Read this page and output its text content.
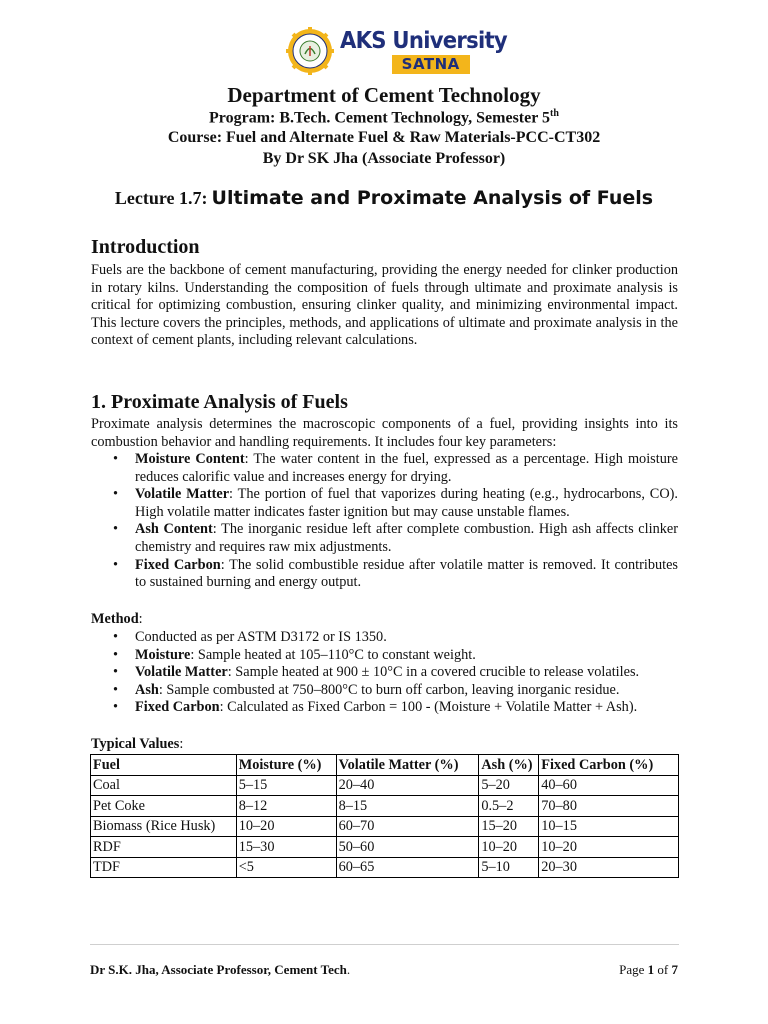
AKS University
SATNA
Department of Cement Technology
Program: B.Tech. Cement Technology, Semester 5th
Course: Fuel and Alternate Fuel & Raw Materials-PCC-CT302
By Dr SK Jha (Associate Professor)
Lecture 1.7: Ultimate and Proximate Analysis of Fuels
Introduction

Fuels are the backbone of cement manufacturing, providing the energy needed for clinker production in rotary kilns. Understanding the composition of fuels through ultimate and proximate analysis is critical for optimizing combustion, ensuring clinker quality, and minimizing environmental impact. This lecture covers the principles, methods, and applications of ultimate and proximate analysis in the context of cement plants, including relevant calculations.

1. Proximate Analysis of Fuels

Proximate analysis determines the macroscopic components of a fuel, providing insights into its combustion behavior and handling requirements. It includes four key parameters:

• Moisture Content: The water content in the fuel, expressed as a percentage. High moisture reduces calorific value and increases energy for drying.
• Volatile Matter: The portion of fuel that vaporizes during heating (e.g., hydrocarbons, CO). High volatile matter indicates faster ignition but may cause unstable flames.
• Ash Content: The inorganic residue left after complete combustion. High ash affects clinker chemistry and requires raw mix adjustments.
• Fixed Carbon: The solid combustible residue after volatile matter is removed. It contributes to sustained burning and energy output.
Method:
• Conducted as per ASTM D3172 or IS 1350.
• Moisture: Sample heated at 105–110°C to constant weight.
• Volatile Matter: Sample heated at 900 ± 10°C in a covered crucible to release volatiles.
• Ash: Sample combusted at 750–800°C to burn off carbon, leaving inorganic residue.
• Fixed Carbon: Calculated as Fixed Carbon = 100 - (Moisture + Volatile Matter + Ash).
Typical Values:
Fuel	Moisture (%)	Volatile Matter (%)	Ash (%)	Fixed Carbon (%)
Coal	5–15	20–40	5–20	40–60
Pet Coke	8–12	8–15	0.5–2	70–80
Biomass (Rice Husk)	10–20	60–70	15–20	10–15
RDF	15–30	50–60	10–20	10–20
TDF	<5	60–65	5–10	20–30
Dr S.K. Jha, Associate Professor, Cement Tech.	Page 1 of 7
